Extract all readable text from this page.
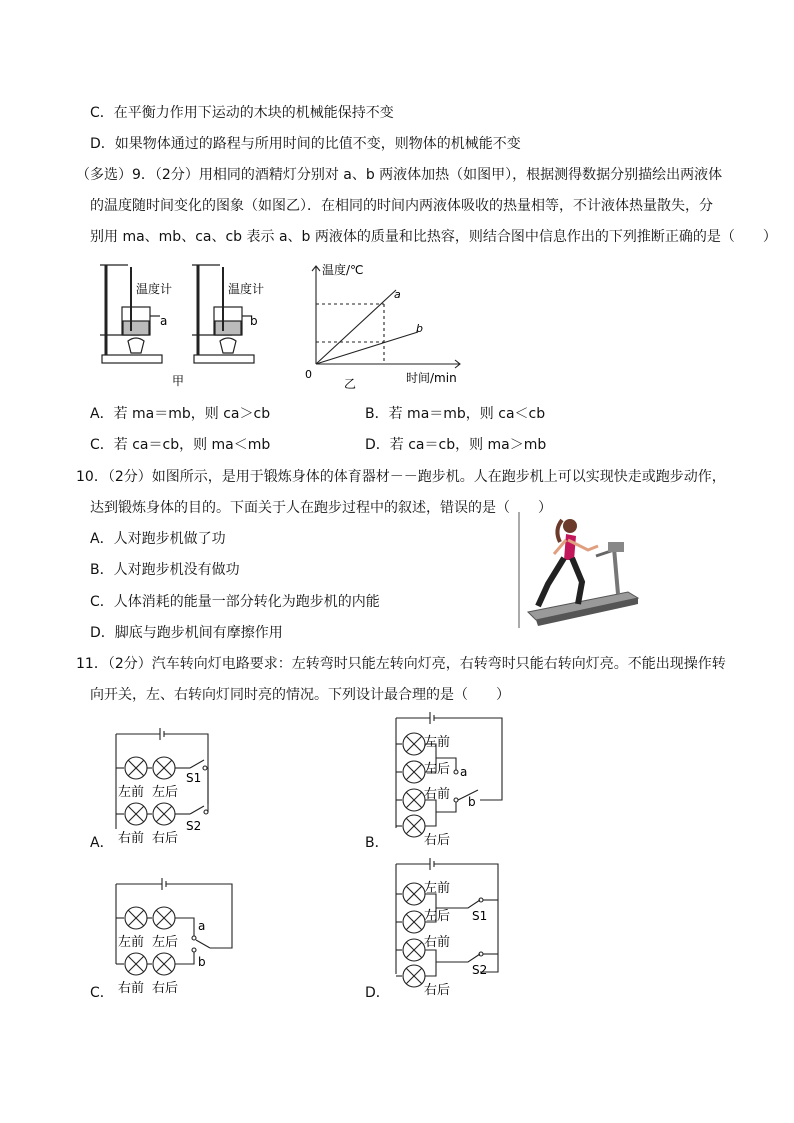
C．在平衡力作用下运动的木块的机械能保持不变
D．如果物体通过的路程与所用时间的比值不变，则物体的机械能不变
（多选）9．（2分）用相同的酒精灯分别对 a、b 两液体加热（如图甲），根据测得数据分别描绘出两液体
的温度随时间变化的图象（如图乙）．在相同的时间内两液体吸收的热量相等，不计液体热量散失，分
别用 ma、mb、ca、cb 表示 a、b 两液体的质量和比热容，则结合图中信息作出的下列推断正确的是（　　）
温度计	温度计
a	b
甲
温度/℃
0
a
b
时间/min
乙
A．若 ma＝mb，则 ca＞cb	B．若 ma＝mb，则 ca＜cb
C．若 ca＝cb，则 ma＜mb	D．若 ca＝cb，则 ma＞mb
10．（2分）如图所示，是用于锻炼身体的体育器材－－跑步机。人在跑步机上可以实现快走或跑步动作，
达到锻炼身体的目的。下面关于人在跑步过程中的叙述，错误的是（　　）
A．人对跑步机做了功
B．人对跑步机没有做功
C．人体消耗的能量一部分转化为跑步机的内能
D．脚底与跑步机间有摩擦作用
11．（2分）汽车转向灯电路要求：左转弯时只能左转向灯亮，右转弯时只能右转向灯亮。不能出现操作转
向开关，左、右转向灯同时亮的情况。下列设计最合理的是（　　）
S1
左前 左后
S2
右前 右后
A．
左前
左后 a
右前 b
右后
B．
a
左前 左后
b
右前 右后
C．
左前
左后 S1
右前
S2
右后
D．
